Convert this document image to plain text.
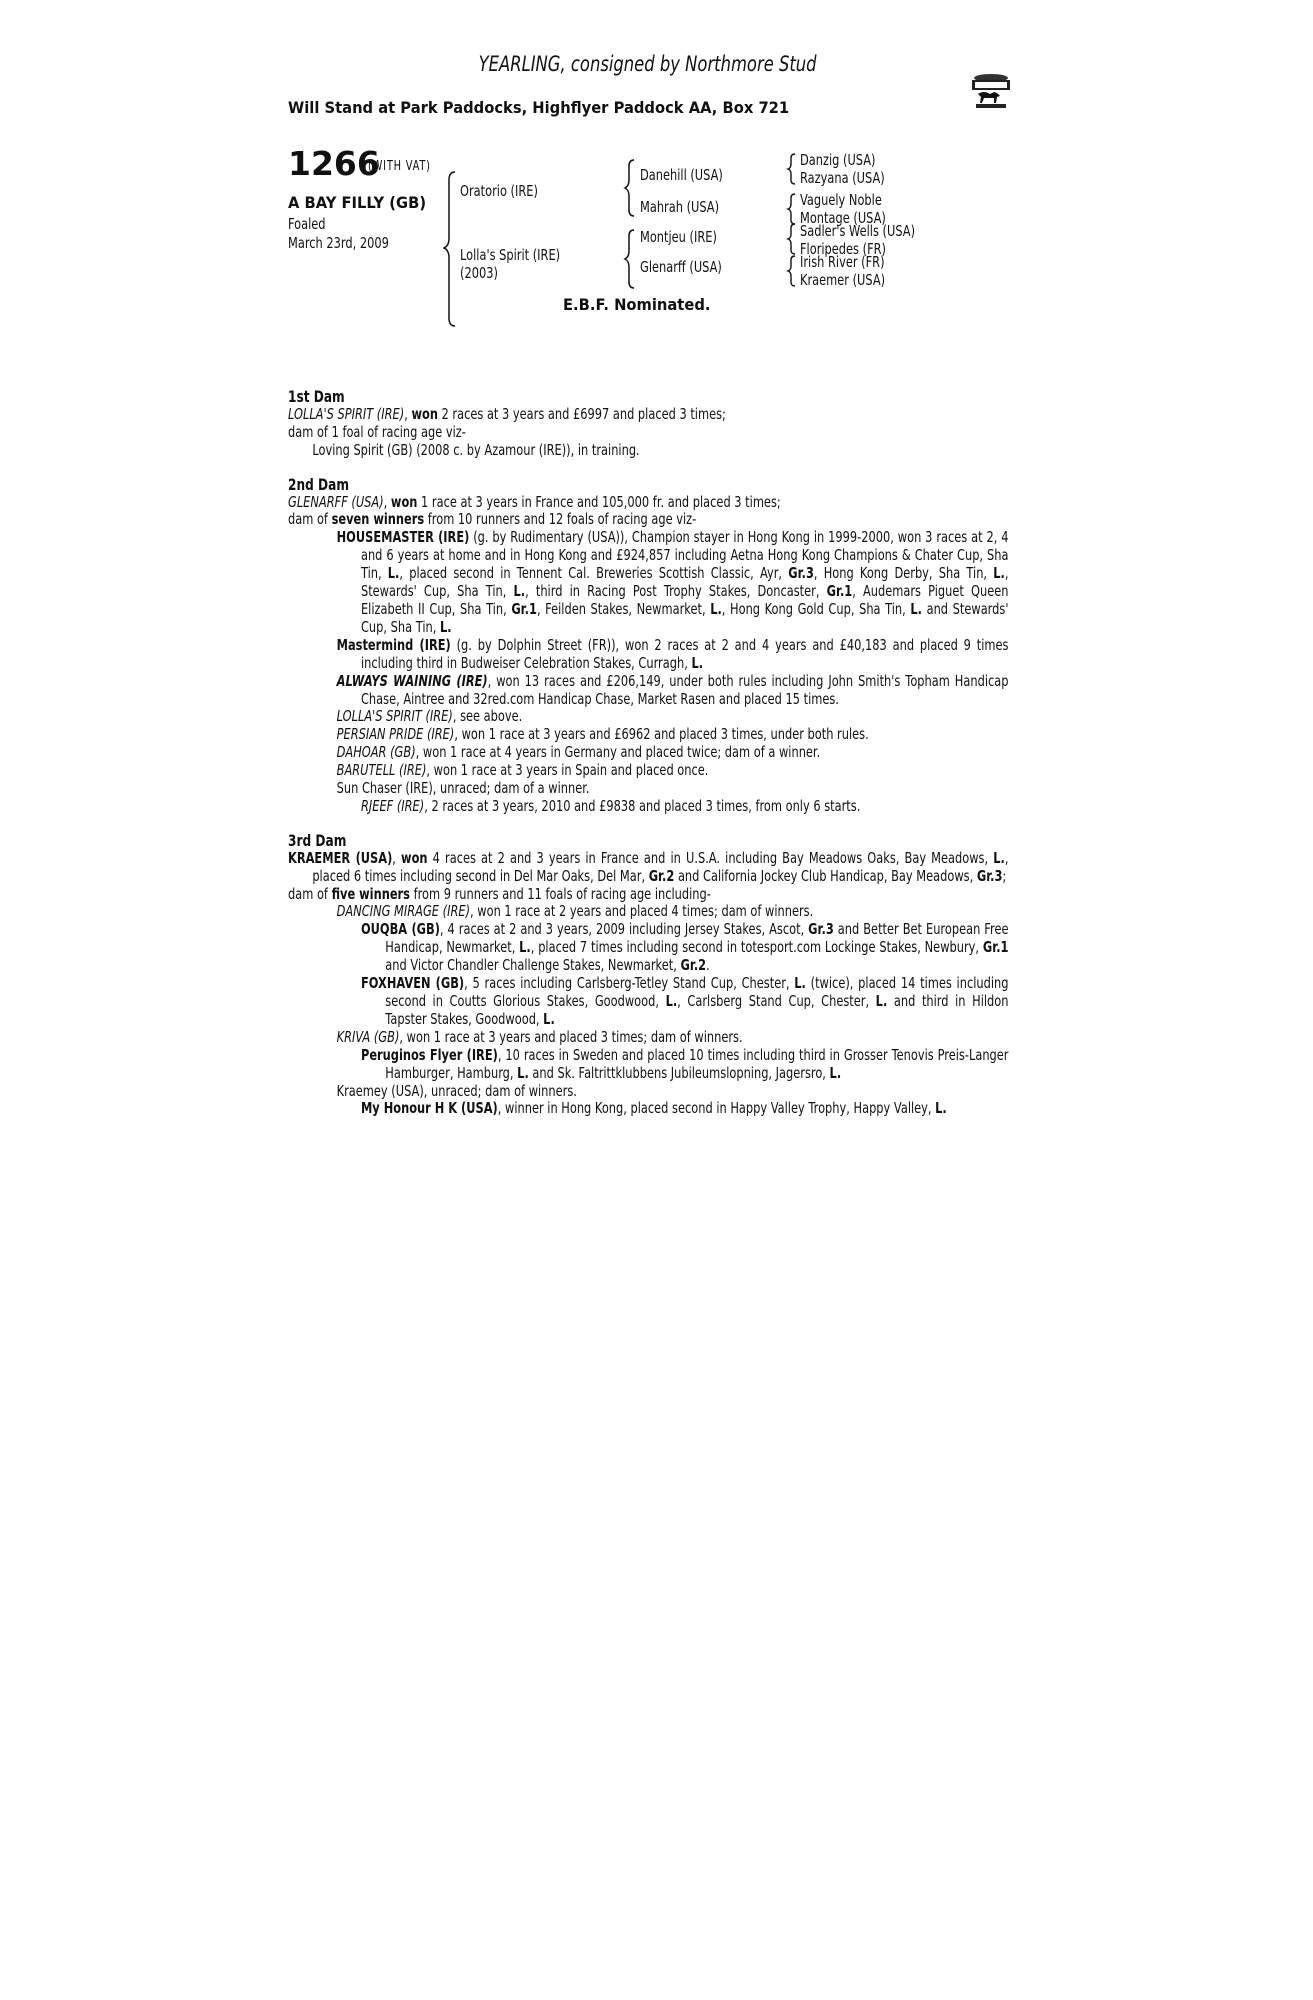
YEARLING, consigned by Northmore Stud
Will Stand at Park Paddocks, Highflyer Paddock AA, Box 721
1266
(WITH VAT)
A BAY FILLY (GB)
Foaled
March 23rd, 2009
Oratorio (IRE)
Lolla's Spirit (IRE)
(2003)
Danehill (USA)
Mahrah (USA)
Montjeu (IRE)
Glenarff (USA)
Danzig (USA)
Razyana (USA)
Vaguely Noble
Montage (USA)
Sadler's Wells (USA)
Floripedes (FR)
Irish River (FR)
Kraemer (USA)
E.B.F. Nominated.

1st Dam

LOLLA'S SPIRIT (IRE), won 2 races at 3 years and £6997 and placed 3 times;

dam of 1 foal of racing age viz-

Loving Spirit (GB) (2008 c. by Azamour (IRE)), in training.

2nd Dam

GLENARFF (USA), won 1 race at 3 years in France and 105,000 fr. and placed 3 times;

dam of seven winners from 10 runners and 12 foals of racing age viz-

HOUSEMASTER (IRE) (g. by Rudimentary (USA)), Champion stayer in Hong Kong in 1999-2000, won 3 races at 2, 4 and 6 years at home and in Hong Kong and £924,857 including Aetna Hong Kong Champions & Chater Cup, Sha Tin, L., placed second in Tennent Cal. Breweries Scottish Classic, Ayr, Gr.3, Hong Kong Derby, Sha Tin, L., Stewards' Cup, Sha Tin, L., third in Racing Post Trophy Stakes, Doncaster, Gr.1, Audemars Piguet Queen Elizabeth II Cup, Sha Tin, Gr.1, Feilden Stakes, Newmarket, L., Hong Kong Gold Cup, Sha Tin, L. and Stewards' Cup, Sha Tin, L.

Mastermind (IRE) (g. by Dolphin Street (FR)), won 2 races at 2 and 4 years and £40,183 and placed 9 times including third in Budweiser Celebration Stakes, Curragh, L.

ALWAYS WAINING (IRE), won 13 races and £206,149, under both rules including John Smith's Topham Handicap Chase, Aintree and 32red.com Handicap Chase, Market Rasen and placed 15 times.

LOLLA'S SPIRIT (IRE), see above.

PERSIAN PRIDE (IRE), won 1 race at 3 years and £6962 and placed 3 times, under both rules.

DAHOAR (GB), won 1 race at 4 years in Germany and placed twice; dam of a winner.

BARUTELL (IRE), won 1 race at 3 years in Spain and placed once.

Sun Chaser (IRE), unraced; dam of a winner.

RJEEF (IRE), 2 races at 3 years, 2010 and £9838 and placed 3 times, from only 6 starts.

3rd Dam

KRAEMER (USA), won 4 races at 2 and 3 years in France and in U.S.A. including Bay Meadows Oaks, Bay Meadows, L., placed 6 times including second in Del Mar Oaks, Del Mar, Gr.2 and California Jockey Club Handicap, Bay Meadows, Gr.3;

dam of five winners from 9 runners and 11 foals of racing age including-

DANCING MIRAGE (IRE), won 1 race at 2 years and placed 4 times; dam of winners.

OUQBA (GB), 4 races at 2 and 3 years, 2009 including Jersey Stakes, Ascot, Gr.3 and Better Bet European Free Handicap, Newmarket, L., placed 7 times including second in totesport.com Lockinge Stakes, Newbury, Gr.1 and Victor Chandler Challenge Stakes, Newmarket, Gr.2.

FOXHAVEN (GB), 5 races including Carlsberg-Tetley Stand Cup, Chester, L. (twice), placed 14 times including second in Coutts Glorious Stakes, Goodwood, L., Carlsberg Stand Cup, Chester, L. and third in Hildon Tapster Stakes, Goodwood, L.

KRIVA (GB), won 1 race at 3 years and placed 3 times; dam of winners.

Peruginos Flyer (IRE), 10 races in Sweden and placed 10 times including third in Grosser Tenovis Preis-Langer Hamburger, Hamburg, L. and Sk. Faltrittklubbens Jubileumslopning, Jagersro, L.

Kraemey (USA), unraced; dam of winners.

My Honour H K (USA), winner in Hong Kong, placed second in Happy Valley Trophy, Happy Valley, L.
